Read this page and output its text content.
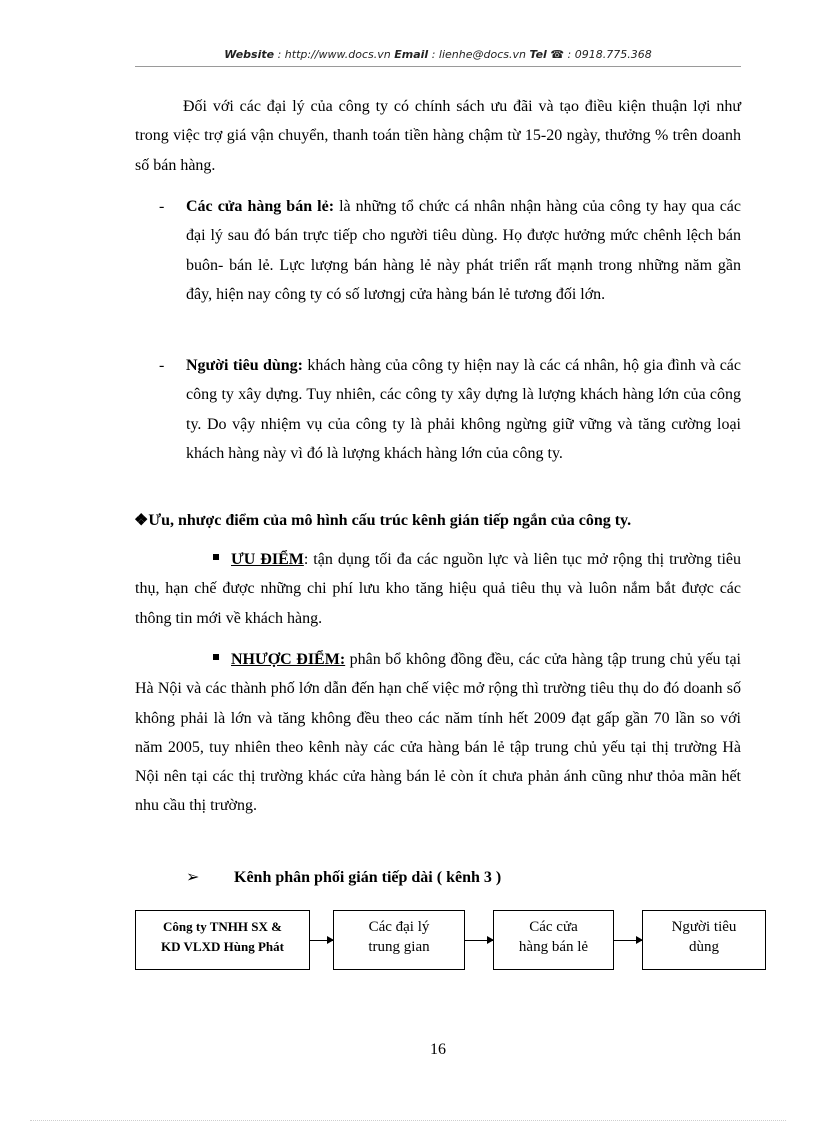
Website : http://www.docs.vn Email : lienhe@docs.vn Tel ☎ : 0918.775.368

Đối với các đại lý của công ty có chính sách ưu đãi và tạo điều kiện thuận lợi như trong việc trợ giá vận chuyển, thanh toán tiền hàng chậm từ 15-20 ngày, thưởng % trên doanh số bán hàng.

- Các cửa hàng bán lẻ: là những tổ chức cá nhân nhận hàng của công ty hay qua các đại lý sau đó bán trực tiếp cho người tiêu dùng. Họ được hưởng mức chênh lệch bán buôn- bán lẻ. Lực lượng bán hàng lẻ này phát triển rất mạnh trong những năm gần đây, hiện nay công ty có số lươngj cửa hàng bán lẻ tương đối lớn.

- Người tiêu dùng: khách hàng của công ty hiện nay là các cá nhân, hộ gia đình và các công ty xây dựng. Tuy nhiên, các công ty xây dựng là lượng khách hàng lớn của công ty. Do vậy nhiệm vụ của công ty là phải không ngừng giữ vững và tăng cường loại khách hàng này vì đó là lượng khách hàng lớn của công ty.

❖Ưu, nhược điểm của mô hình cấu trúc kênh gián tiếp ngắn của công ty.

ƯU ĐIỂM: tận dụng tối đa các nguồn lực và liên tục mở rộng thị trường tiêu thụ, hạn chế được những chi phí lưu kho tăng hiệu quả tiêu thụ và luôn nắm bắt được các thông tin mới về khách hàng.

NHƯỢC ĐIỂM: phân bổ không đồng đều, các cửa hàng tập trung chủ yếu tại Hà Nội và các thành phố lớn dẫn đến hạn chế việc mở rộng thì trường tiêu thụ do đó doanh số không phải là lớn và tăng không đều theo các năm tính hết 2009 đạt gấp gần 70 lần so với năm 2005, tuy nhiên theo kênh này các cửa hàng bán lẻ tập trung chủ yếu tại thị trường Hà Nội nên tại các thị trường khác cửa hàng bán lẻ còn ít chưa phản ánh cũng như thỏa mãn hết nhu cầu thị trường.

➢ Kênh phân phối gián tiếp dài ( kênh 3 )
Công ty TNHH SX &
KD VLXD Hùng Phát
Các đại lý
trung gian
Các cửa
hàng bán lẻ
Người tiêu
dùng
16
